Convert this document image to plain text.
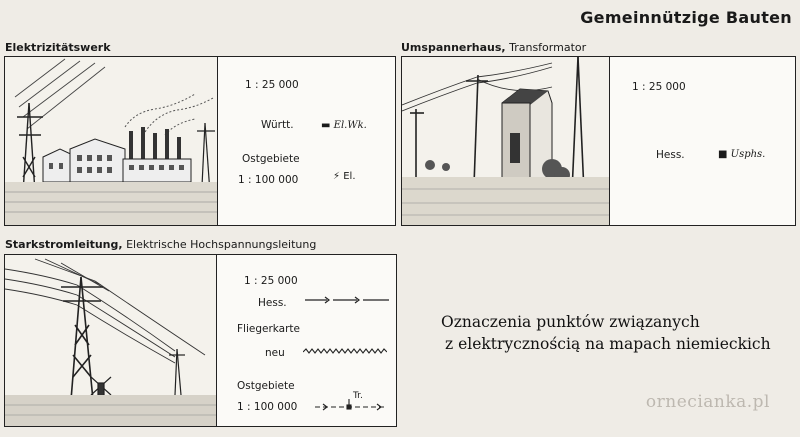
Gemeinnützige Bauten
Elektrizitätswerk
1 : 25 000
Württ.	▬ El.Wk.
Ostgebiete
1 : 100 000	⚡ El.
Umspannerhaus, Transformator
1 : 25 000
Hess.	■ Usphs.
Starkstromleitung, Elektrische Hochspannungsleitung
1 : 25 000
Hess.
Fliegerkarte
neu
Ostgebiete
1 : 100 000
Tr.
Oznaczenia punktów związanych
z elektrycznością na mapach niemieckich
ornecianka.pl
